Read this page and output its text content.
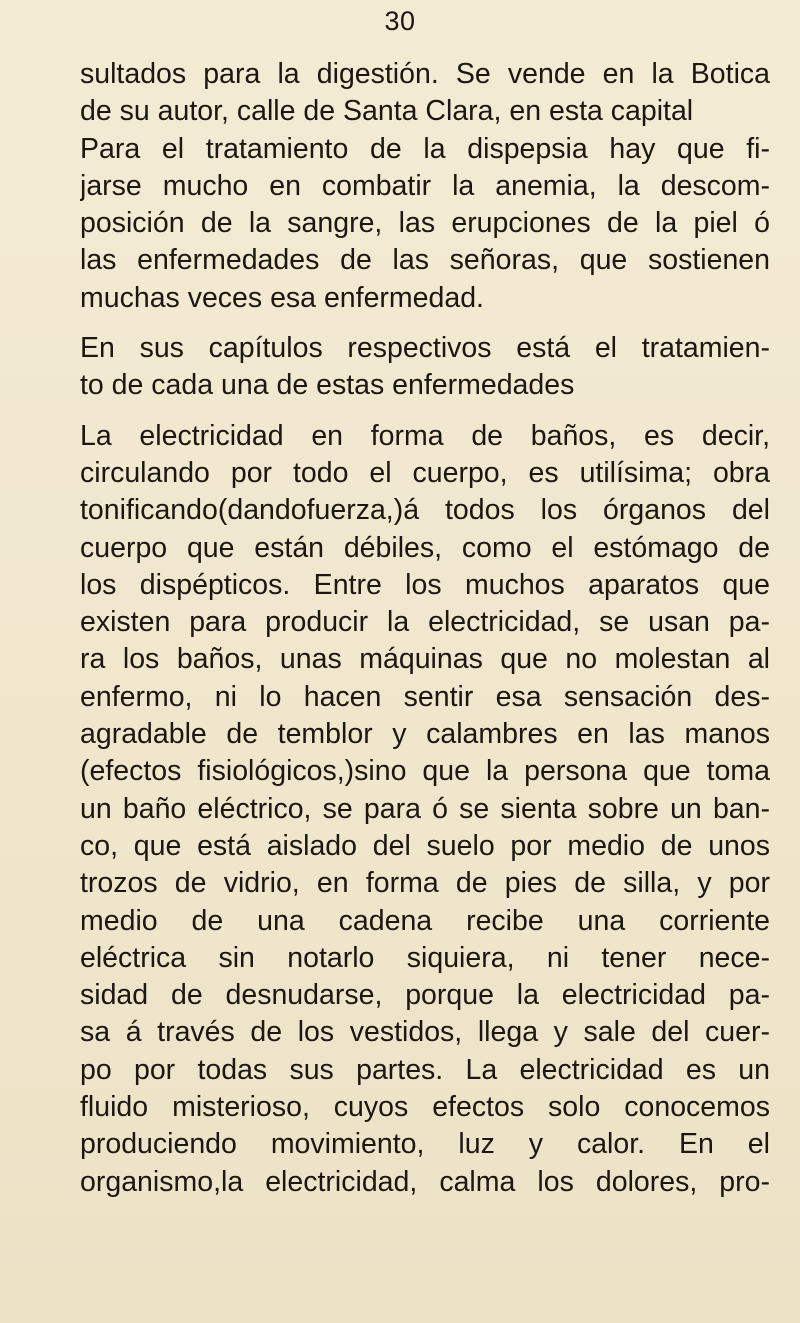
30
sultados para la digestión. Se vende en la Botica
de su autor, calle de Santa Clara, en esta capital
Para el tratamiento de la dispepsia hay que fi-
jarse mucho en combatir la anemia, la descom-
posición de la sangre, las erupciones de la piel ó
las enfermedades de las señoras, que sostienen
muchas veces esa enfermedad.
En sus capítulos respectivos está el tratamien-
to de cada una de estas enfermedades
La electricidad en forma de baños, es decir,
circulando por todo el cuerpo, es utilísima; obra
tonificando(dandofuerza,)á todos los órganos del
cuerpo que están débiles, como el estómago de
los dispépticos. Entre los muchos aparatos que
existen para producir la electricidad, se usan pa-
ra los baños, unas máquinas que no molestan al
enfermo, ni lo hacen sentir esa sensación des-
agradable de temblor y calambres en las manos
(efectos fisiológicos,)sino que la persona que toma
un baño eléctrico, se para ó se sienta sobre un ban-
co, que está aislado del suelo por medio de unos
trozos de vidrio, en forma de pies de silla, y por
medio de una cadena recibe una corriente
eléctrica sin notarlo siquiera, ni tener nece-
sidad de desnudarse, porque la electricidad pa-
sa á través de los vestidos, llega y sale del cuer-
po por todas sus partes. La electricidad es un
fluido misterioso, cuyos efectos solo conocemos
produciendo movimiento, luz y calor. En el
organismo,la electricidad, calma los dolores, pro-
